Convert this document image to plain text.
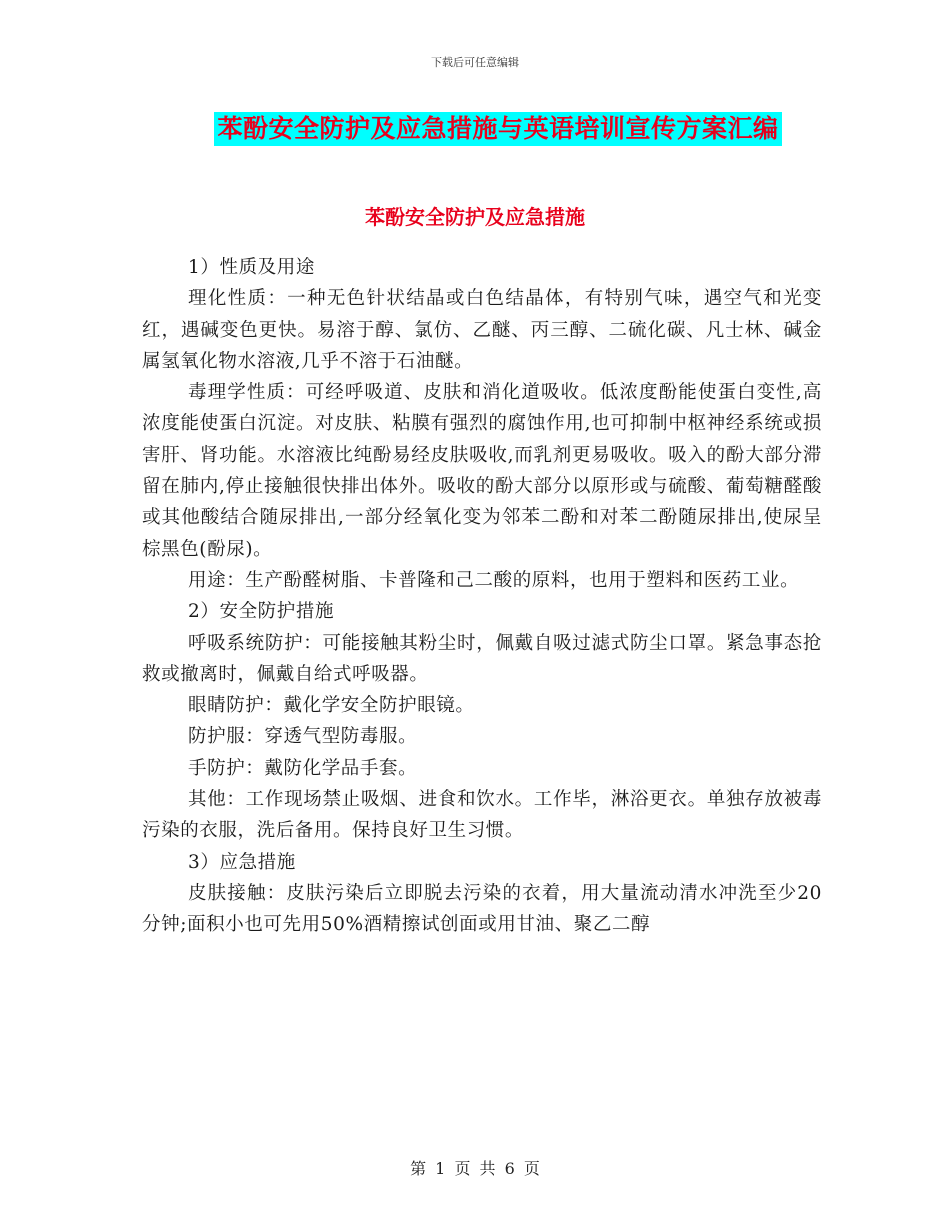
下载后可任意编辑
苯酚安全防护及应急措施与英语培训宣传方案汇编
苯酚安全防护及应急措施

1）性质及用途

理化性质：一种无色针状结晶或白色结晶体，有特别气味，遇空气和光变红，遇碱变色更快。易溶于醇、氯仿、乙醚、丙三醇、二硫化碳、凡士林、碱金属氢氧化物水溶液,几乎不溶于石油醚。

毒理学性质：可经呼吸道、皮肤和消化道吸收。低浓度酚能使蛋白变性,高浓度能使蛋白沉淀。对皮肤、粘膜有强烈的腐蚀作用,也可抑制中枢神经系统或损害肝、肾功能。水溶液比纯酚易经皮肤吸收,而乳剂更易吸收。吸入的酚大部分滞留在肺内,停止接触很快排出体外。吸收的酚大部分以原形或与硫酸、葡萄糖醛酸或其他酸结合随尿排出,一部分经氧化变为邻苯二酚和对苯二酚随尿排出,使尿呈棕黑色(酚尿)。

用途：生产酚醛树脂、卡普隆和己二酸的原料，也用于塑料和医药工业。

2）安全防护措施

呼吸系统防护：可能接触其粉尘时，佩戴自吸过滤式防尘口罩。紧急事态抢救或撤离时，佩戴自给式呼吸器。

眼睛防护：戴化学安全防护眼镜。

防护服：穿透气型防毒服。

手防护：戴防化学品手套。

其他：工作现场禁止吸烟、进食和饮水。工作毕，淋浴更衣。单独存放被毒污染的衣服，洗后备用。保持良好卫生习惯。

3）应急措施

皮肤接触：皮肤污染后立即脱去污染的衣着，用大量流动清水冲洗至少20分钟;面积小也可先用50%酒精擦试创面或用甘油、聚乙二醇

第 1 页 共 6 页
